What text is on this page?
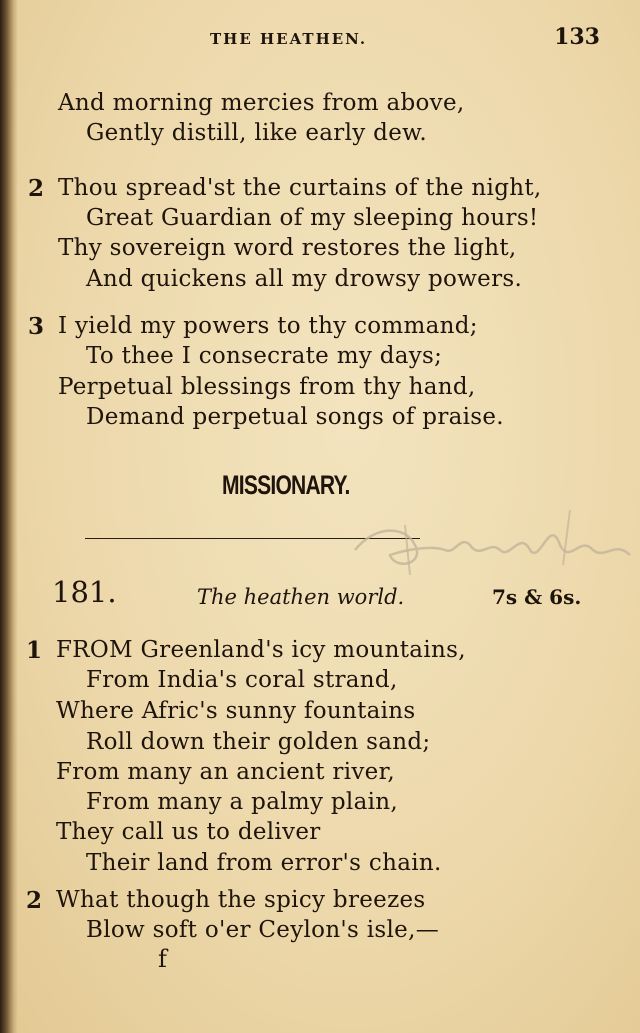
THE HEATHEN.	133
And morning mercies from above,
Gently distill, like early dew.
2 Thou spread'st the curtains of the night,
Great Guardian of my sleeping hours!
Thy sovereign word restores the light,
And quickens all my drowsy powers.
3 I yield my powers to thy command;
To thee I consecrate my days;
Perpetual blessings from thy hand,
Demand perpetual songs of praise.
MISSIONARY.
181.	The heathen world.	7s & 6s.
1 FROM Greenland's icy mountains,
From India's coral strand,
Where Afric's sunny fountains
Roll down their golden sand;
From many an ancient river,
From many a palmy plain,
They call us to deliver
Their land from error's chain.
2 What though the spicy breezes
Blow soft o'er Ceylon's isle,—
f
